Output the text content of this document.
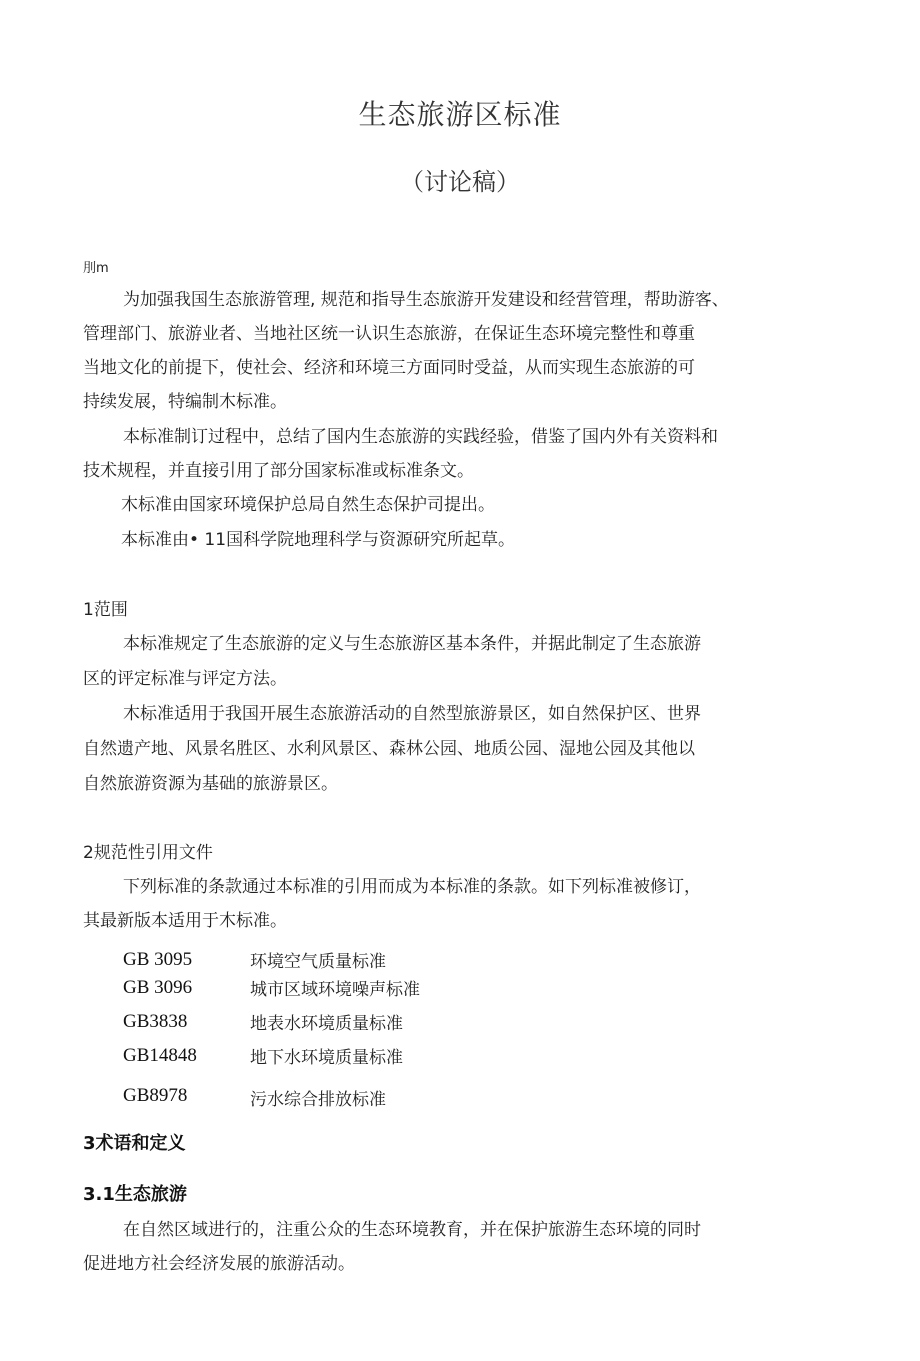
生态旅游区标准
（讨论稿）
刖m
为加强我国生态旅游管理, 规范和指导生态旅游开发建设和经营管理，帮助游客、
管理部门、旅游业者、当地社区统一认识生态旅游，在保证生态环境完整性和尊重
当地文化的前提下，使社会、经济和环境三方面同时受益，从而实现生态旅游的可
持续发展，特编制木标准。
本标准制订过程中，总结了国内生态旅游的实践经验，借鉴了国内外有关资料和
技术规程，并直接引用了部分国家标准或标准条文。
木标准由国家环境保护总局自然生态保护司提出。
本标准由• 11国科学院地理科学与资源研究所起草。
1范围
本标准规定了生态旅游的定义与生态旅游区基本条件，并据此制定了生态旅游
区的评定标准与评定方法。
木标准适用于我国开展生态旅游活动的自然型旅游景区，如自然保护区、世界
自然遗产地、风景名胜区、水利风景区、森林公园、地质公园、湿地公园及其他以
自然旅游资源为基础的旅游景区。
2规范性引用文件
下列标准的条款通过本标准的引用而成为本标准的条款。如下列标准被修订，
其最新版本适用于木标准。
GB 3095	环境空气质量标准
GB 3096	城市区域环境噪声标准
GB3838	地表水环境质量标准
GB14848	地下水环境质量标准
GB8978	污水综合排放标准
3术语和定义
3.1生态旅游
在自然区域进行的，注重公众的生态环境教育，并在保护旅游生态环境的同时
促进地方社会经济发展的旅游活动。
